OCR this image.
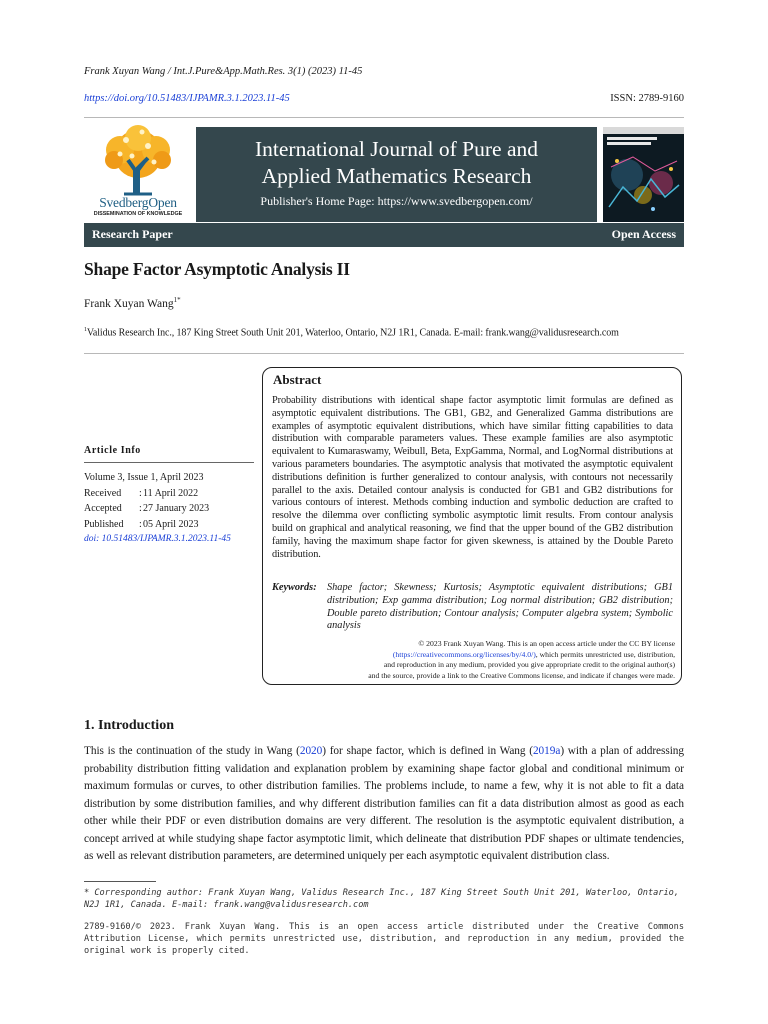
Frank Xuyan Wang / Int.J.Pure&App.Math.Res. 3(1) (2023) 11-45
https://doi.org/10.51483/IJPAMR.3.1.2023.11-45	ISSN: 2789-9160
SvedbergOpen
DISSEMINATION OF KNOWLEDGE
International Journal of Pure and
Applied Mathematics Research
Publisher's Home Page: https://www.svedbergopen.com/
Research Paper	Open Access
Shape Factor Asymptotic Analysis II
Frank Xuyan Wang$^{1*}$
$^1$Validus Research Inc., 187 King Street South Unit 201, Waterloo, Ontario, N2J 1R1, Canada. E-mail: frank.wang@validusresearch.com
Article Info
Volume 3, Issue 1, April 2023
Received : 11 April 2022
Accepted : 27 January 2023
Published : 05 April 2023
doi: 10.51483/IJPAMR.3.1.2023.11-45
Abstract
Probability distributions with identical shape factor asymptotic limit formulas are defined as asymptotic equivalent distributions. The GB1, GB2, and Generalized Gamma distributions are examples of asymptotic equivalent distributions, which have similar fitting capabilities to data distribution with comparable parameters values. These example families are also asymptotic equivalent to Kumaraswamy, Weibull, Beta, ExpGamma, Normal, and LogNormal distributions at various parameters boundaries. The asymptotic analysis that motivated the asymptotic equivalent distributions definition is further generalized to contour analysis, with contours not necessarily parallel to the axis. Detailed contour analysis is conducted for GB1 and GB2 distributions for various contours of interest. Methods combing induction and symbolic deduction are crafted to resolve the dilemma over conflicting symbolic asymptotic limit results. From contour analysis build on graphical and analytical reasoning, we find that the upper bound of the GB2 distribution family, having the maximum shape factor for given skewness, is attained by the Double Pareto distribution.
Keywords: Shape factor; Skewness; Kurtosis; Asymptotic equivalent distributions; GB1 distribution; Exp gamma distribution; Log normal distribution; GB2 distribution; Double pareto distribution; Contour analysis; Computer algebra system; Symbolic analysis
© 2023 Frank Xuyan Wang. This is an open access article under the CC BY license
(https://creativecommons.org/licenses/by/4.0/), which permits unrestricted use, distribution,
and reproduction in any medium, provided you give appropriate credit to the original author(s)
and the source, provide a link to the Creative Commons license, and indicate if changes were made.
1. Introduction
This is the continuation of the study in Wang (2020) for shape factor, which is defined in Wang (2019a) with a plan of addressing probability distribution fitting validation and explanation problem by examining shape factor global and conditional minimum or maximum formulas or curves, to other distribution families. The problems include, to name a few, why it is not able to fit a data distribution by some distribution families, and why different distribution families can fit a data distribution almost as good as each other while their PDF or even distribution domains are very different. The resolution is the asymptotic equivalent distribution, a concept arrived at while studying shape factor asymptotic limit, which delineate that distribution PDF shapes or ultimate tendencies, as well as relevant distribution parameters, are determined uniquely per each asymptotic equivalent distribution class.
* Corresponding author: Frank Xuyan Wang, Validus Research Inc., 187 King Street South Unit 201, Waterloo, Ontario, N2J 1R1, Canada. E-mail: frank.wang@validusresearch.com
2789-9160/© 2023. Frank Xuyan Wang. This is an open access article distributed under the Creative Commons Attribution License, which permits unrestricted use, distribution, and reproduction in any medium, provided the original work is properly cited.
